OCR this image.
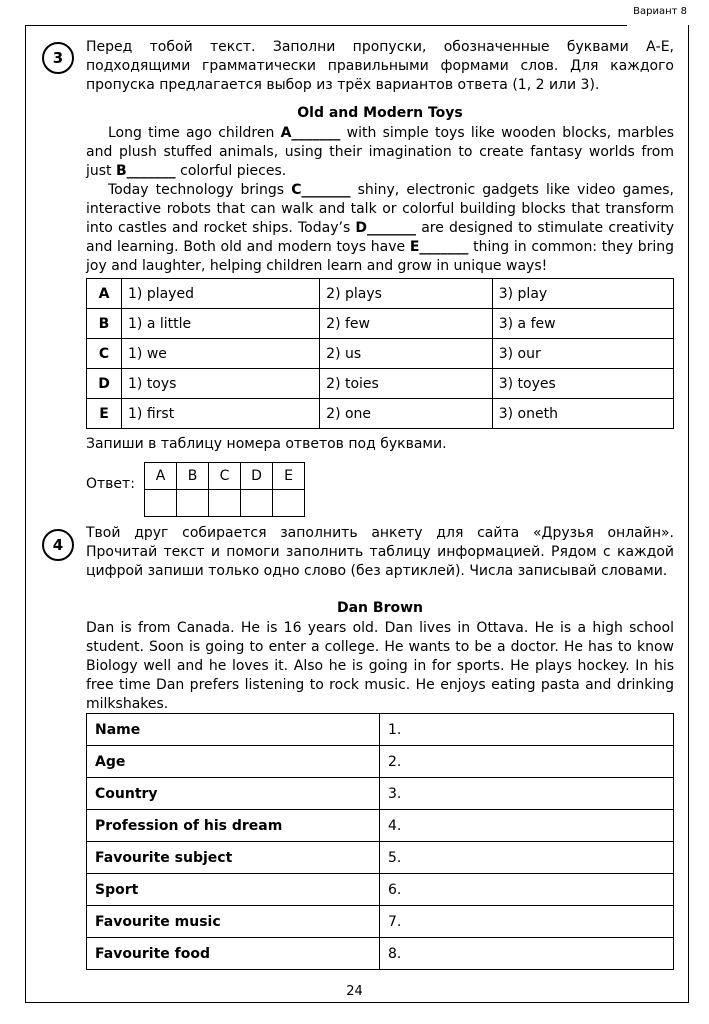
Вариант 8
3
Перед тобой текст. Заполни пропуски, обозначенные буквами А-Е, подходящими грамматически правильными формами слов. Для каждого пропуска предлагается выбор из трёх вариантов ответа (1, 2 или 3).
Old and Modern Toys
Long time ago children A_______ with simple toys like wooden blocks, marbles and plush stuffed animals, using their imagination to create fantasy worlds from just B_______ colorful pieces.
Today technology brings C_______ shiny, electronic gadgets like video games, interactive robots that can walk and talk or colorful building blocks that transform into castles and rocket ships. Today’s D_______ are designed to stimulate creativity and learning. Both old and modern toys have E_______ thing in common: they bring joy and laughter, helping children learn and grow in unique ways!
A	1) played	2) plays	3) play
B	1) a little	2) few	3) a few
C	1) we	2) us	3) our
D	1) toys	2) toies	3) toyes
E	1) first	2) one	3) oneth
Запиши в таблицу номера ответов под буквами.
Ответ: A	B	C	D	E

4
Твой друг собирается заполнить анкету для сайта «Друзья онлайн». Прочитай текст и помоги заполнить таблицу информацией. Рядом с каждой цифрой запиши только одно слово (без артиклей). Числа записывай словами.
Dan Brown
Dan is from Canada. He is 16 years old. Dan lives in Ottava. He is a high school student. Soon is going to enter a college. He wants to be a doctor. He has to know Biology well and he loves it. Also he is going in for sports. He plays hockey. In his free time Dan prefers listening to rock music. He enjoys eating pasta and drinking milkshakes.
Name	1.
Age	2.
Country	3.
Profession of his dream	4.
Favourite subject	5.
Sport	6.
Favourite music	7.
Favourite food	8.
24
